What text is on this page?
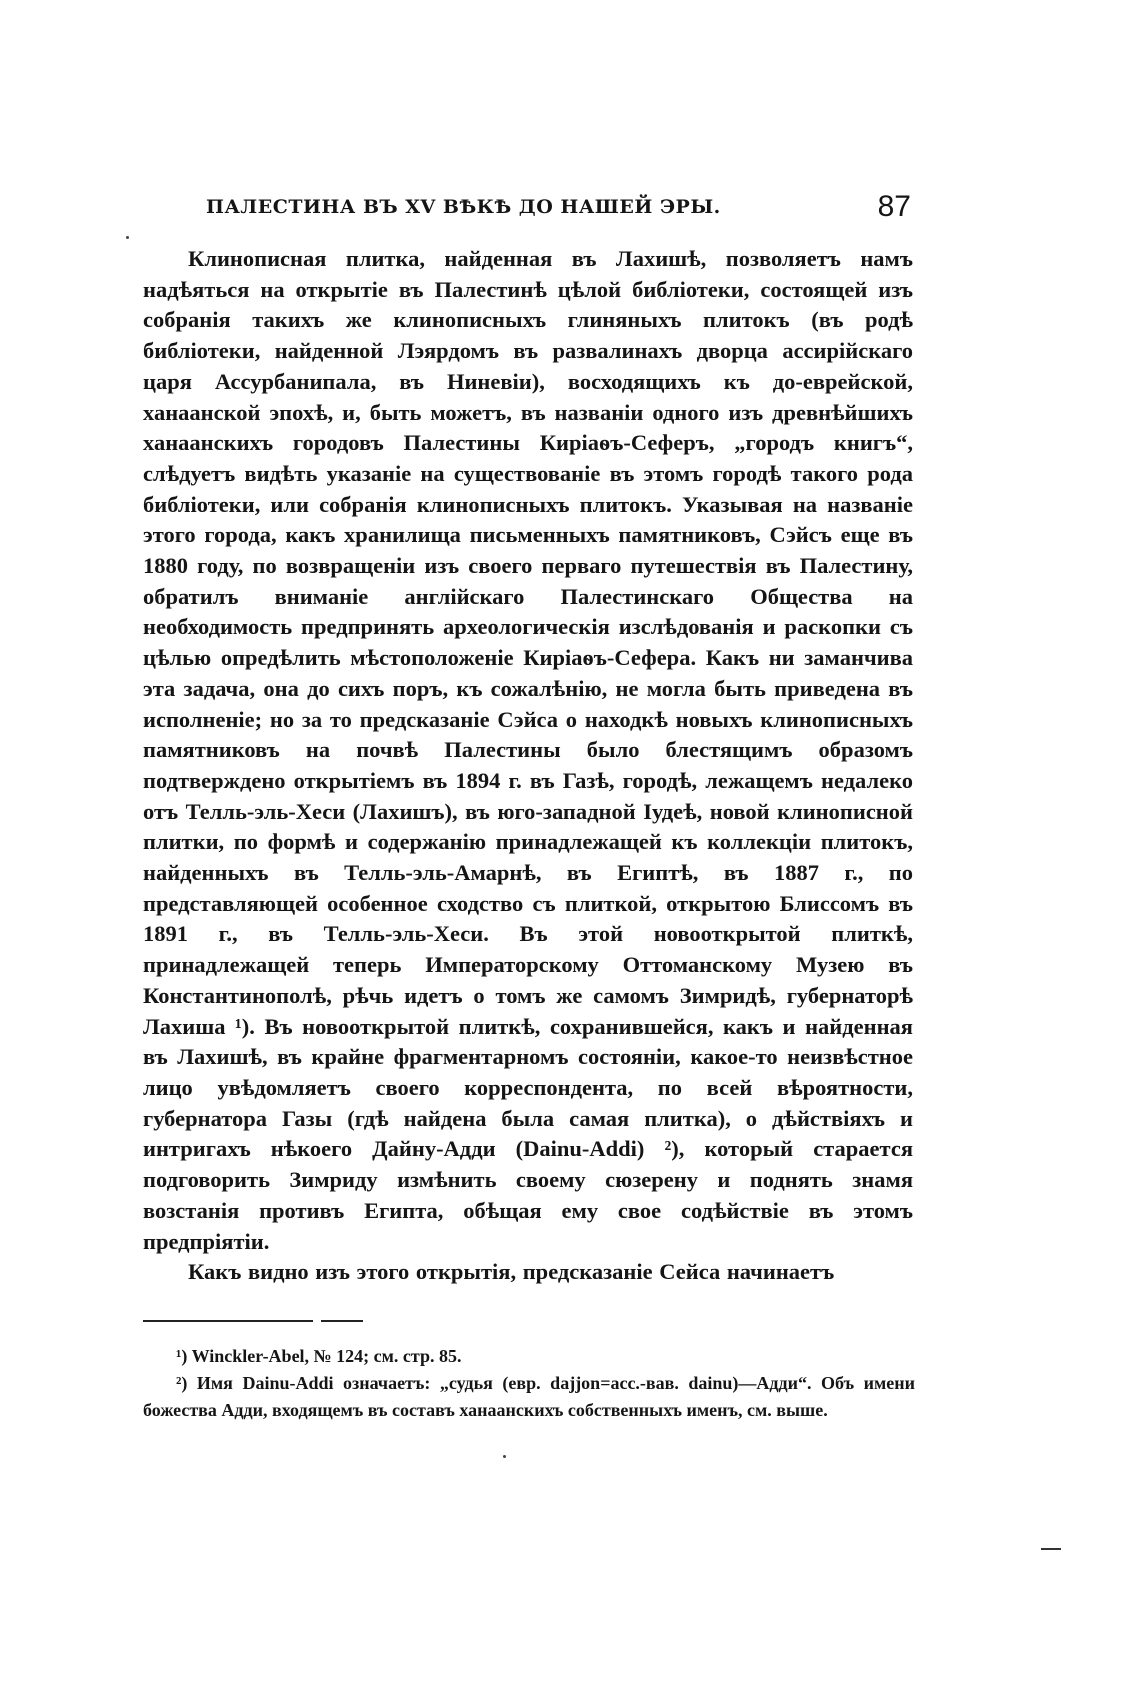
ПАЛЕСТИНА ВЪ XV ВѢКѢ ДО НАШЕЙ ЭРЫ.	87

Клинописная плитка, найденная въ Лахишѣ, позволяетъ намъ надѣяться на открытіе въ Палестинѣ цѣлой библіотеки, состоящей изъ собранія такихъ же клинописныхъ глиняныхъ плитокъ (въ родѣ библіотеки, найденной Лэярдомъ въ развалинахъ дворца ассирійскаго царя Ассурбанипала, въ Ниневіи), восходящихъ къ до-еврейской, ханаанской эпохѣ, и, быть можетъ, въ названіи одного изъ древнѣйшихъ ханаанскихъ городовъ Палестины Киріаѳъ-Сеферъ, „городъ книгъ“, слѣдуетъ видѣть указаніе на существованіе въ этомъ городѣ такого рода библіотеки, или собранія клинописныхъ плитокъ. Указывая на названіе этого города, какъ хранилища письменныхъ памятниковъ, Сэйсъ еще въ 1880 году, по возвращеніи изъ своего перваго путешествія въ Палестину, обратилъ вниманіе англійскаго Палестинскаго Общества на необходимость предпринять археологическія изслѣдованія и раскопки съ цѣлью опредѣлить мѣстоположеніе Киріаѳъ-Сефера. Какъ ни заманчива эта задача, она до сихъ поръ, къ сожалѣнію, не могла быть приведена въ исполненіе; но за то предсказаніе Сэйса о находкѣ новыхъ клинописныхъ памятниковъ на почвѣ Палестины было блестящимъ образомъ подтверждено открытіемъ въ 1894 г. въ Газѣ, городѣ, лежащемъ недалеко отъ Телль-эль-Хеси (Лахишъ), въ юго-западной Іудеѣ, новой клинописной плитки, по формѣ и содержанію принадлежащей къ коллекціи плитокъ, найденныхъ въ Телль-эль-Амарнѣ, въ Египтѣ, въ 1887 г., по представляющей особенное сходство съ плиткой, открытою Блиссомъ въ 1891 г., въ Телль-эль-Хеси. Въ этой новооткрытой плиткѣ, принадлежащей теперь Императорскому Оттоманскому Музею въ Константинополѣ, рѣчь идетъ о томъ же самомъ Зимридѣ, губернаторѣ Лахиша ¹). Въ новооткрытой плиткѣ, сохранившейся, какъ и найденная въ Лахишѣ, въ крайне фрагментарномъ состояніи, какое-то неизвѣстное лицо увѣдомляетъ своего корреспондента, по всей вѣроятности, губернатора Газы (гдѣ найдена была самая плитка), о дѣйствіяхъ и интригахъ нѣкоего Дайну-Адди (Dainu-Addi) ²), который старается подговорить Зимриду измѣнить своему сюзерену и поднять знамя возстанія противъ Египта, обѣщая ему свое содѣйствіе въ этомъ предпріятіи.

Какъ видно изъ этого открытія, предсказаніе Сейса начинаетъ

¹) Winckler-Abel, № 124; см. стр. 85.

²) Имя Dainu-Addi означаетъ: „судья (евр. dajjon=асс.-вав. dainu)—Адди“. Объ имени божества Адди, входящемъ въ составъ ханаанскихъ собственныхъ именъ, см. выше.
